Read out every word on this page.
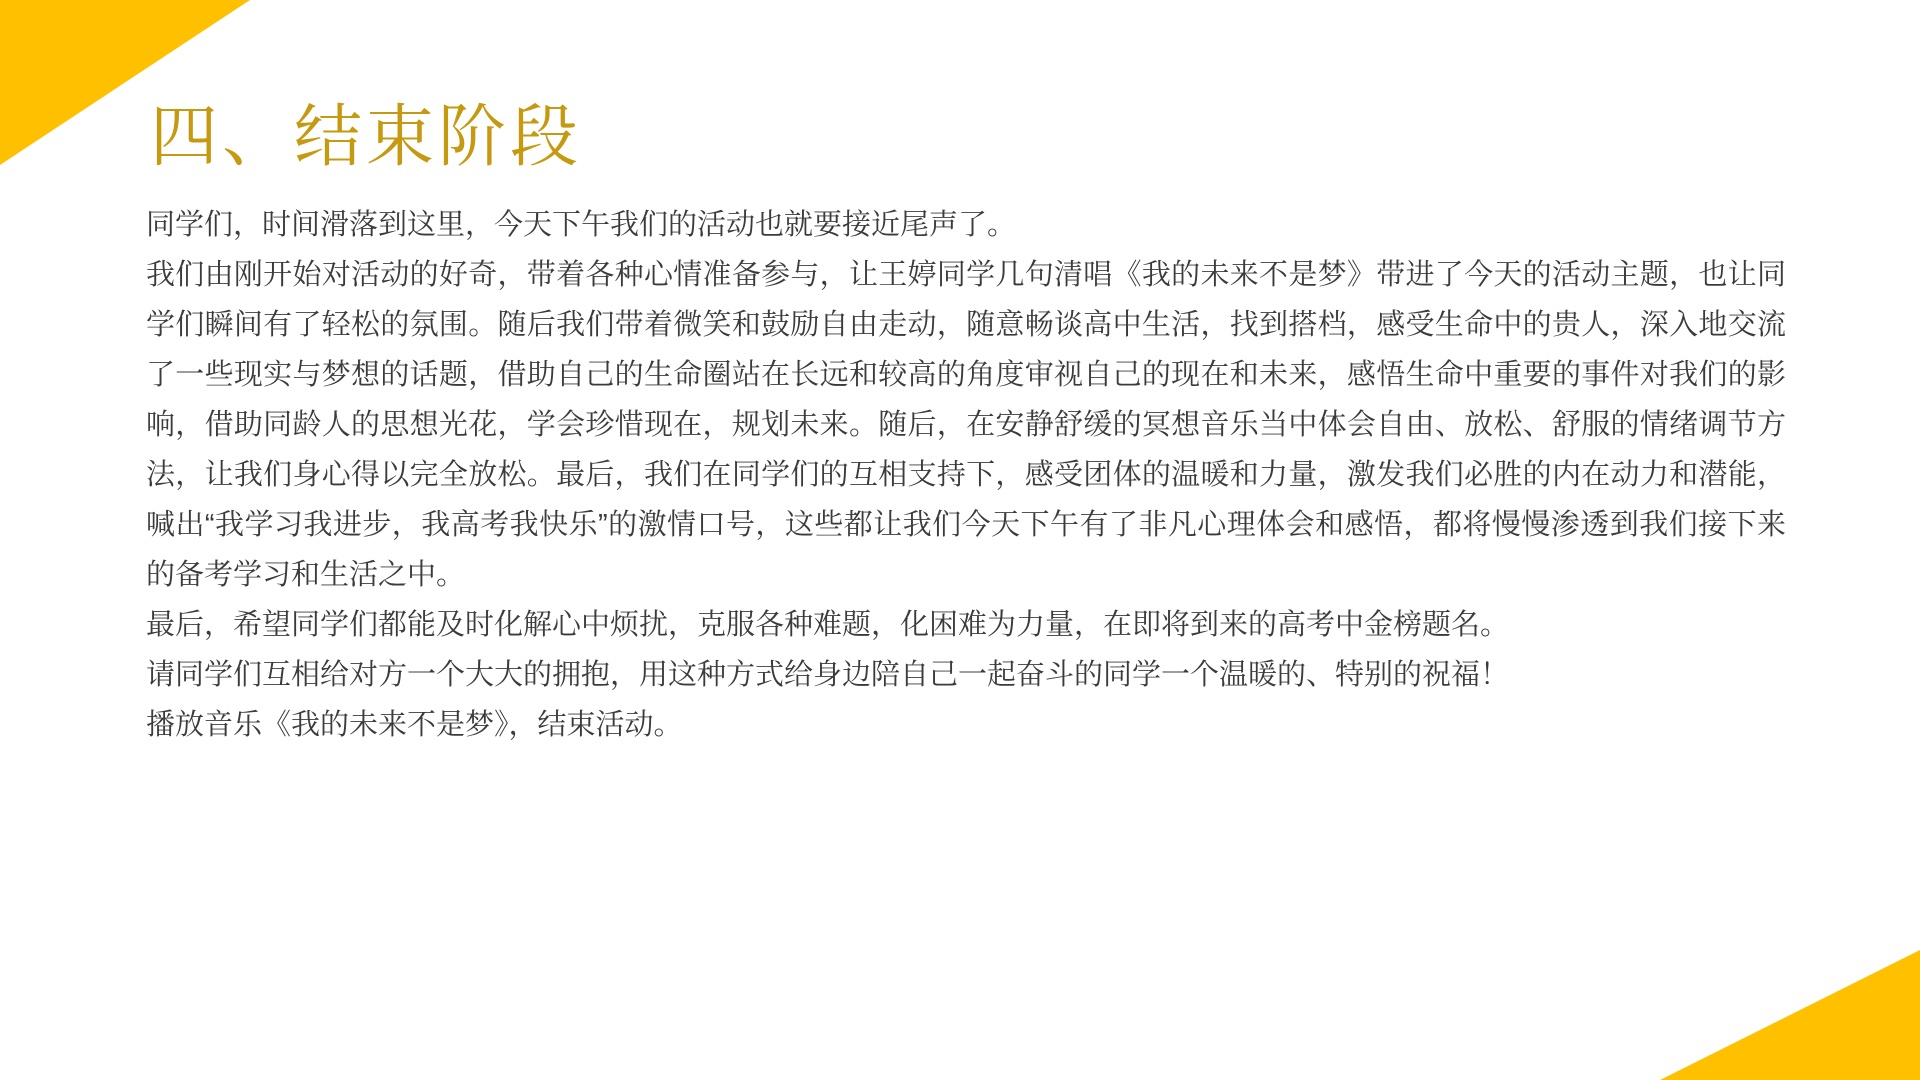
四、结束阶段

同学们，时间滑落到这里，今天下午我们的活动也就要接近尾声了。

我们由刚开始对活动的好奇，带着各种心情准备参与，让王婷同学几句清唱《我的未来不是梦》带进了今天的活动主题，也让同学们瞬间有了轻松的氛围。随后我们带着微笑和鼓励自由走动，随意畅谈高中生活，找到搭档，感受生命中的贵人，深入地交流了一些现实与梦想的话题，借助自己的生命圈站在长远和较高的角度审视自己的现在和未来，感悟生命中重要的事件对我们的影响，借助同龄人的思想光花，学会珍惜现在，规划未来。随后，在安静舒缓的冥想音乐当中体会自由、放松、舒服的情绪调节方法，让我们身心得以完全放松。最后，我们在同学们的互相支持下，感受团体的温暖和力量，激发我们必胜的内在动力和潜能，喊出“我学习我进步，我高考我快乐”的激情口号，这些都让我们今天下午有了非凡心理体会和感悟，都将慢慢渗透到我们接下来的备考学习和生活之中。

最后，希望同学们都能及时化解心中烦扰，克服各种难题，化困难为力量，在即将到来的高考中金榜题名。

请同学们互相给对方一个大大的拥抱，用这种方式给身边陪自己一起奋斗的同学一个温暖的、特别的祝福！

播放音乐《我的未来不是梦》，结束活动。
